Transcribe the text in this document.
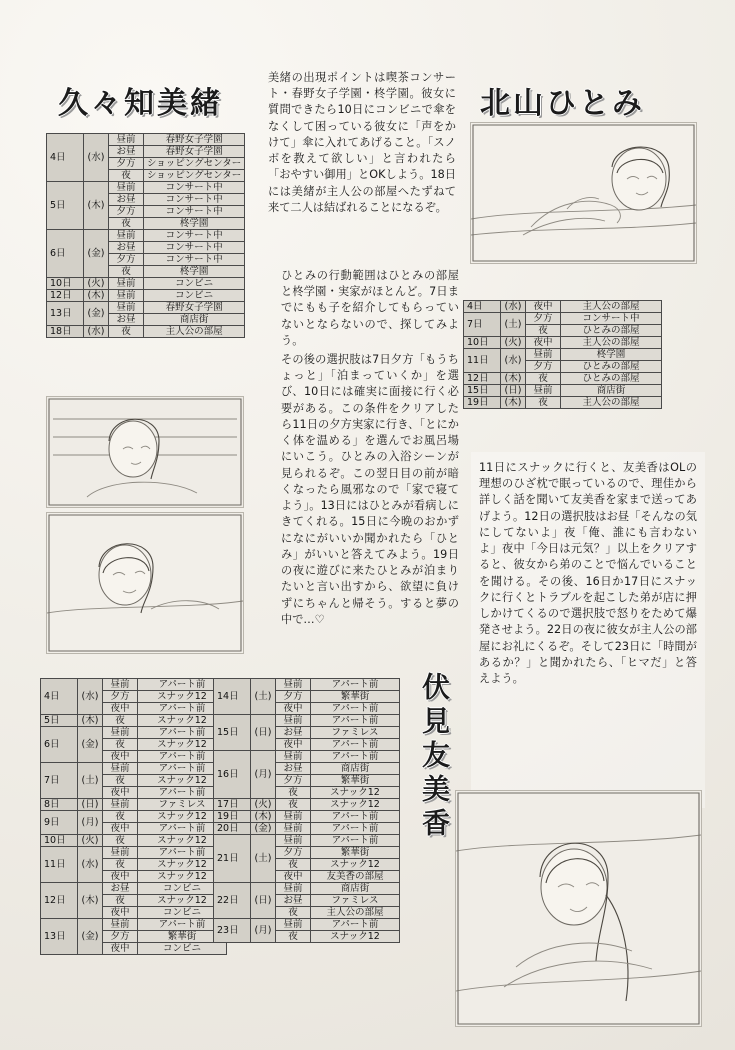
久々知美緒
4日	(水)	昼前	春野女子学園
		お昼	春野女子学園
		夕方	ショッピングセンター
		夜	ショッピングセンター
5日	(木)	昼前	コンサート中
		お昼	コンサート中
		夕方	コンサート中
		夜	柊学園
6日	(金)	昼前	コンサート中
		お昼	コンサート中
		夕方	コンサート中
		夜	柊学園
10日	(火)	昼前	コンビニ
12日	(木)	昼前	コンビニ
13日	(金)	昼前	春野女子学園
		お昼	商店街
18日	(水)	夜	主人公の部屋
美緒の出現ポイントは喫茶コンサート・春野女子学園・柊学園。彼女に質問できたら10日にコンビニで傘をなくして困っている彼女に「声をかけて」傘に入れてあげること。「スノボを教えて欲しい」と言われたら「おやすい御用」とOKしよう。18日には美緒が主人公の部屋へたずねて来て二人は結ばれることになるぞ。
北山ひとみ
ひとみの行動範囲はひとみの部屋と柊学園・実家がほとんど。7日までにもも子を紹介してもらっていないとならないので、探してみよう。
その後の選択肢は7日夕方「もうちょっと」「泊まっていくか」を選び、10日には確実に面接に行く必要がある。この条件をクリアしたら11日の夕方実家に行き、「とにかく体を温める」を選んでお風呂場にいこう。ひとみの入浴シーンが見られるぞ。この翌日目の前が暗くなったら風邪なので「家で寝てよう」。13日にはひとみが看病しにきてくれる。15日に今晩のおかずになにがいいか聞かれたら「ひとみ」がいいと答えてみよう。19日の夜に遊びに来たひとみが泊まりたいと言い出すから、欲望に負けずにちゃんと帰そう。すると夢の中で…♡
4日	(水)	夜中	主人公の部屋
7日	(土)	夕方	コンサート中
		夜	ひとみの部屋
10日	(火)	夜中	主人公の部屋
11日	(水)	昼前	柊学園
		夕方	ひとみの部屋
12日	(木)	夜	ひとみの部屋
15日	(日)	昼前	商店街
19日	(木)	夜	主人公の部屋
11日にスナックに行くと、友美香はOLの理想のひざ枕で眠っているので、理佳から詳しく話を聞いて友美香を家まで送ってあげよう。12日の選択肢はお昼「そんなの気にしてないよ」夜「俺、誰にも言わないよ」夜中「今日は元気？」以上をクリアすると、彼女から弟のことで悩んでいることを聞ける。その後、16日か17日にスナックに行くとトラブルを起こした弟が店に押しかけてくるので選択肢で怒りをためて爆発させよう。22日の夜に彼女が主人公の部屋にお礼にくるぞ。そして23日に「時間があるか？」と聞かれたら、「ヒマだ」と答えよう。
伏見友美香
4日	(水)	昼前	アパート前
		夕方	スナック12
		夜中	アパート前
5日	(木)	夜	スナック12
6日	(金)	昼前	アパート前
		夜	スナック12
		夜中	アパート前
7日	(土)	昼前	アパート前
		夜	スナック12
		夜中	アパート前
8日	(日)	昼前	ファミレス
9日	(月)	夜	スナック12
		夜中	アパート前
10日	(火)	夜	スナック12
11日	(水)	昼前	アパート前
		夜	スナック12
		夜中	スナック12
12日	(木)	お昼	コンビニ
		夜	スナック12
		夜中	コンビニ
13日	(金)	昼前	アパート前
		夕方	繁華街
		夜中	コンビニ
14日	(土)	昼前	アパート前
		夕方	繁華街
		夜中	アパート前
15日	(日)	昼前	アパート前
		お昼	ファミレス
		夜中	アパート前
16日	(月)	昼前	アパート前
		お昼	商店街
		夕方	繁華街
		夜	スナック12
17日	(火)	夜	スナック12
19日	(木)	昼前	アパート前
20日	(金)	昼前	アパート前
21日	(土)	昼前	アパート前
		夕方	繁華街
		夜	スナック12
		夜中	友美香の部屋
22日	(日)	昼前	商店街
		お昼	ファミレス
		夜	主人公の部屋
23日	(月)	昼前	アパート前
		夜	スナック12
